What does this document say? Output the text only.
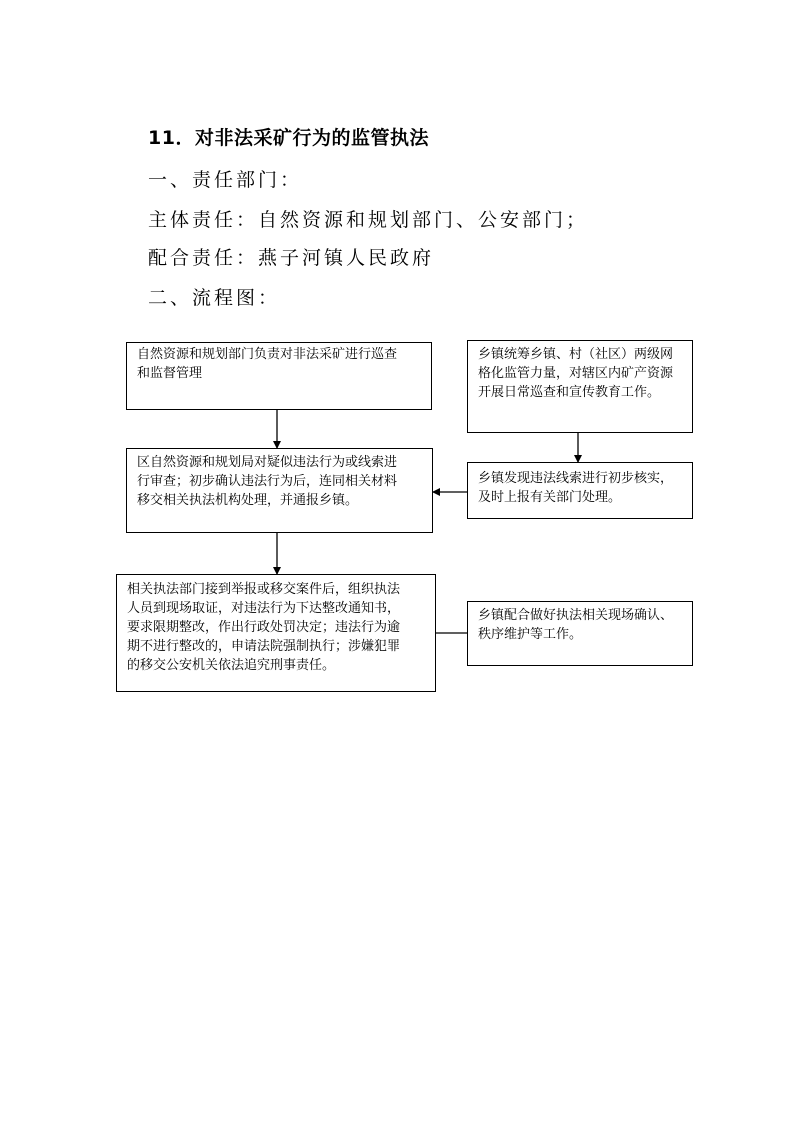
11．对非法采矿行为的监管执法
一、责任部门：
主体责任：自然资源和规划部门、公安部门；
配合责任：燕子河镇人民政府
二、流程图：
自然资源和规划部门负责对非法采矿进行巡查
和监督管理
乡镇统筹乡镇、村（社区）两级网
格化监管力量，对辖区内矿产资源
开展日常巡查和宣传教育工作。
区自然资源和规划局对疑似违法行为或线索进
行审查；初步确认违法行为后，连同相关材料
移交相关执法机构处理，并通报乡镇。
乡镇发现违法线索进行初步核实，
及时上报有关部门处理。
相关执法部门接到举报或移交案件后，组织执法
人员到现场取证，对违法行为下达整改通知书，
要求限期整改，作出行政处罚决定；违法行为逾
期不进行整改的，申请法院强制执行；涉嫌犯罪
的移交公安机关依法追究刑事责任。
乡镇配合做好执法相关现场确认、
秩序维护等工作。
